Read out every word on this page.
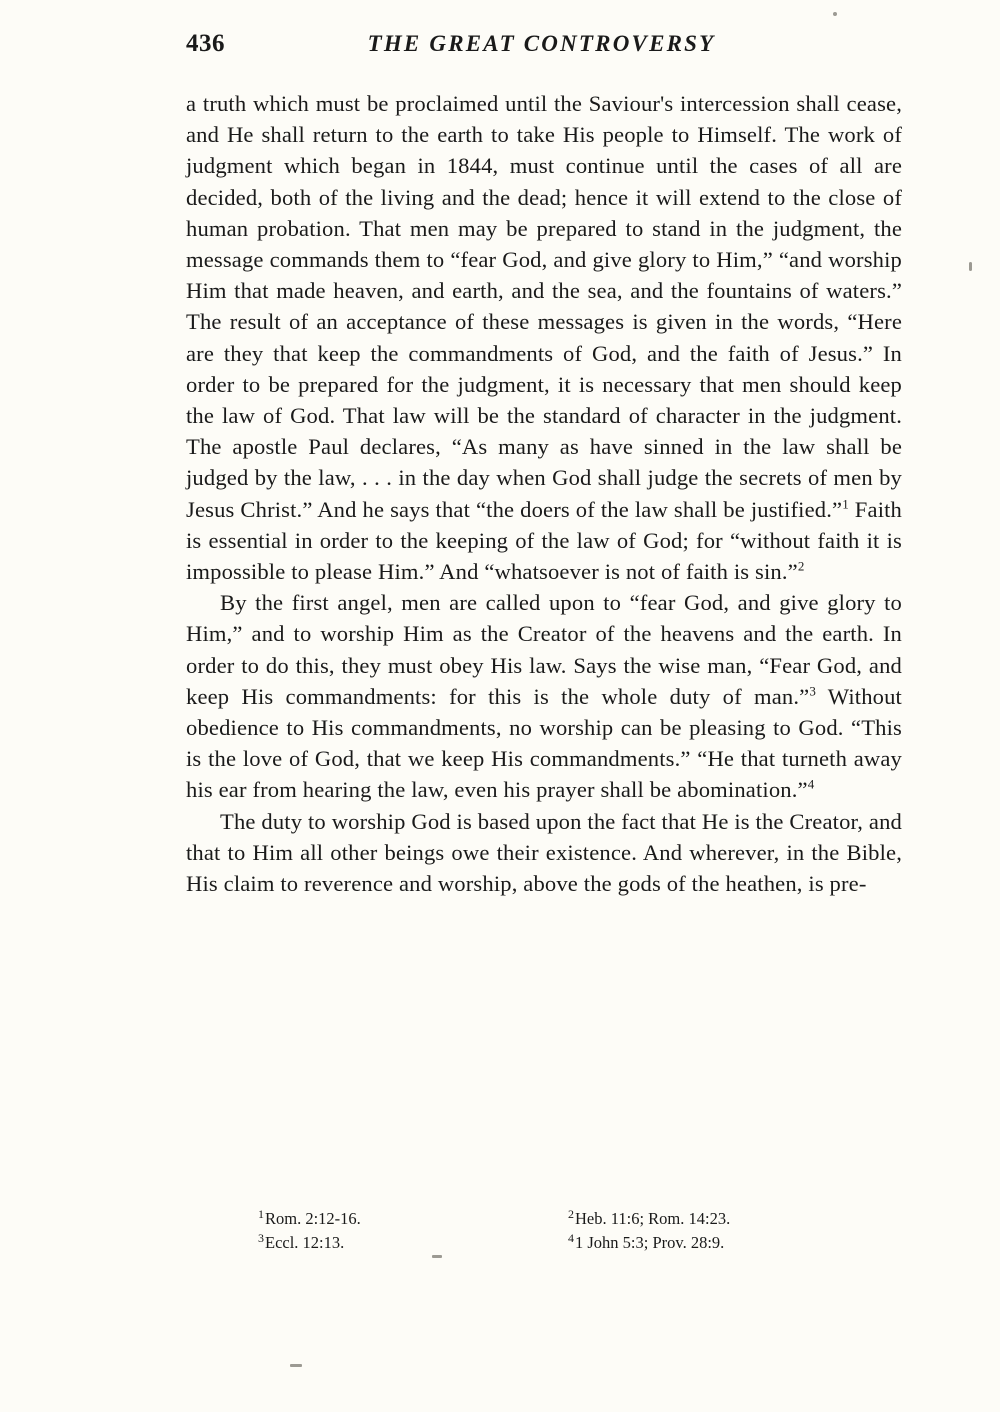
436	THE GREAT CONTROVERSY

a truth which must be proclaimed until the Saviour's intercession shall cease, and He shall return to the earth to take His people to Himself. The work of judgment which began in 1844, must continue until the cases of all are decided, both of the living and the dead; hence it will extend to the close of human probation. That men may be prepared to stand in the judgment, the message commands them to “fear God, and give glory to Him,” “and worship Him that made heaven, and earth, and the sea, and the fountains of waters.” The result of an acceptance of these messages is given in the words, “Here are they that keep the commandments of God, and the faith of Jesus.” In order to be prepared for the judgment, it is necessary that men should keep the law of God. That law will be the standard of character in the judgment. The apostle Paul declares, “As many as have sinned in the law shall be judged by the law, . . . in the day when God shall judge the secrets of men by Jesus Christ.” And he says that “the doers of the law shall be justified.”$^1$ Faith is essential in order to the keeping of the law of God; for “without faith it is impossible to please Him.” And “whatsoever is not of faith is sin.”$^2$

By the first angel, men are called upon to “fear God, and give glory to Him,” and to worship Him as the Creator of the heavens and the earth. In order to do this, they must obey His law. Says the wise man, “Fear God, and keep His commandments: for this is the whole duty of man.”$^3$ Without obedience to His commandments, no worship can be pleasing to God. “This is the love of God, that we keep His commandments.” “He that turneth away his ear from hearing the law, even his prayer shall be abomination.”$^4$

The duty to worship God is based upon the fact that He is the Creator, and that to Him all other beings owe their existence. And wherever, in the Bible, His claim to reverence and worship, above the gods of the heathen, is pre-

$^1$Rom. 2:12-16.	$^2$Heb. 11:6; Rom. 14:23.
$^3$Eccl. 12:13.	$^4$1 John 5:3; Prov. 28:9.
